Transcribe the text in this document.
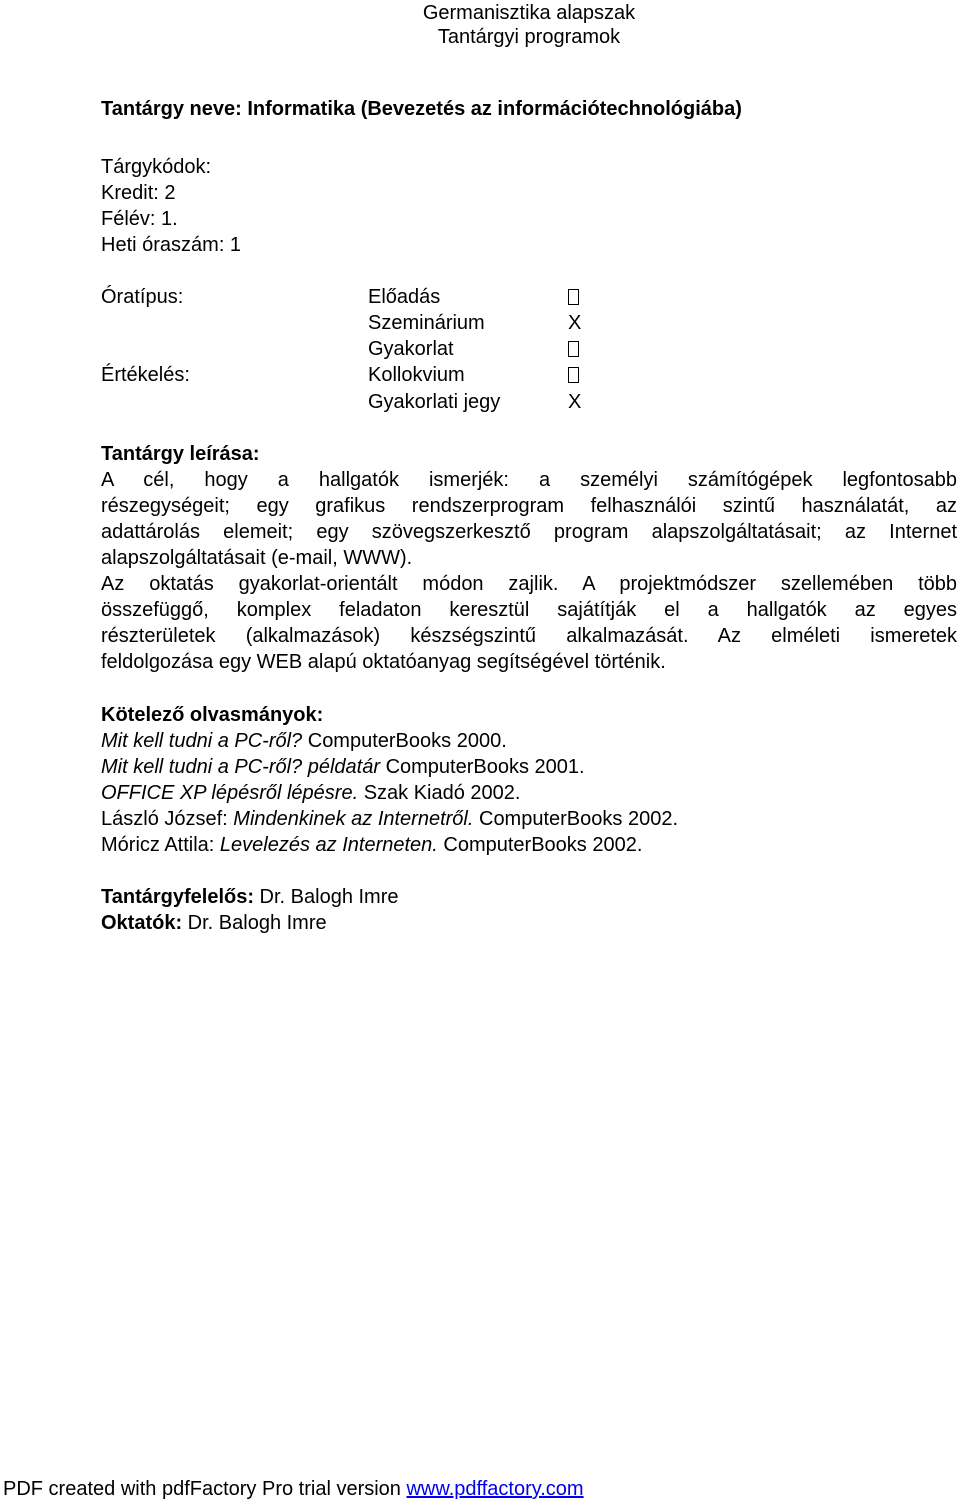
Germanisztika alapszak
Tantárgyi programok
Tantárgy neve: Informatika (Bevezetés az információtechnológiába)
Tárgykódok:
Kredit: 2
Félév: 1.
Heti óraszám: 1
Óratípus:	Előadás
Szeminárium	X
Gyakorlat
Értékelés:	Kollokvium
Gyakorlati jegy	X
Tantárgy leírása:
A cél, hogy a hallgatók ismerjék: a személyi számítógépek legfontosabb
részegységeit; egy grafikus rendszerprogram felhasználói szintű használatát, az
adattárolás elemeit; egy szövegszerkesztő program alapszolgáltatásait; az Internet
alapszolgáltatásait (e-mail, WWW).
Az oktatás gyakorlat-orientált módon zajlik. A projektmódszer szellemében több
összefüggő, komplex feladaton keresztül sajátítják el a hallgatók az egyes
részterületek (alkalmazások) készségszintű alkalmazását. Az elméleti ismeretek
feldolgozása egy WEB alapú oktatóanyag segítségével történik.
Kötelező olvasmányok:
Mit kell tudni a PC-ről? ComputerBooks 2000.
Mit kell tudni a PC-ről? példatár ComputerBooks 2001.
OFFICE XP lépésről lépésre. Szak Kiadó 2002.
László József: Mindenkinek az Internetről. ComputerBooks 2002.
Móricz Attila: Levelezés az Interneten. ComputerBooks 2002.
Tantárgyfelelős: Dr. Balogh Imre
Oktatók: Dr. Balogh Imre
PDF created with pdfFactory Pro trial version www.pdffactory.com
